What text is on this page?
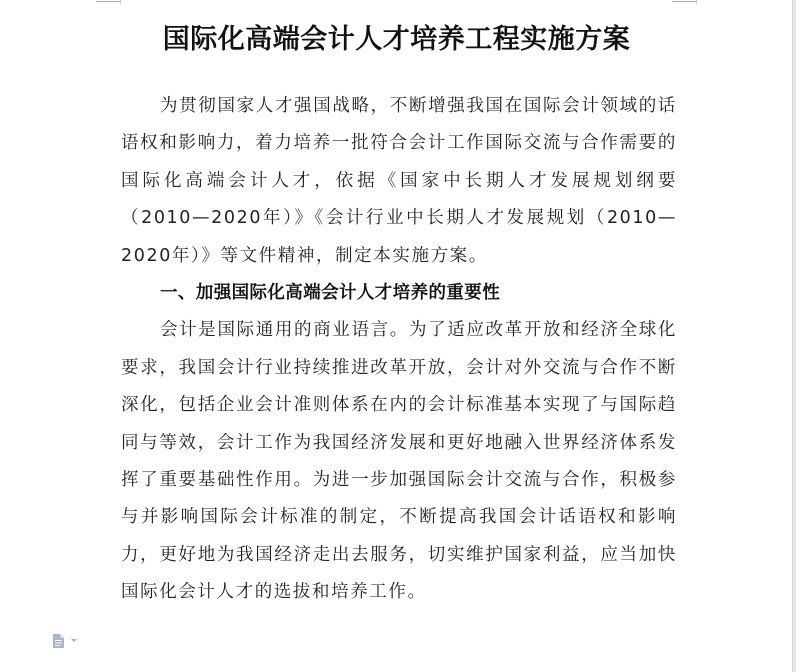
国际化高端会计人才培养工程实施方案

为贯彻国家人才强国战略，不断增强我国在国际会计领域的话语权和影响力，着力培养一批符合会计工作国际交流与合作需要的国际化高端会计人才，依据《国家中长期人才发展规划纲要（2010—2020年）》《会计行业中长期人才发展规划（2010—2020年）》等文件精神，制定本实施方案。

一、加强国际化高端会计人才培养的重要性

会计是国际通用的商业语言。为了适应改革开放和经济全球化要求，我国会计行业持续推进改革开放，会计对外交流与合作不断深化，包括企业会计准则体系在内的会计标准基本实现了与国际趋同与等效，会计工作为我国经济发展和更好地融入世界经济体系发挥了重要基础性作用。为进一步加强国际会计交流与合作，积极参与并影响国际会计标准的制定，不断提高我国会计话语权和影响力，更好地为我国经济走出去服务，切实维护国家利益，应当加快国际化会计人才的选拔和培养工作。
